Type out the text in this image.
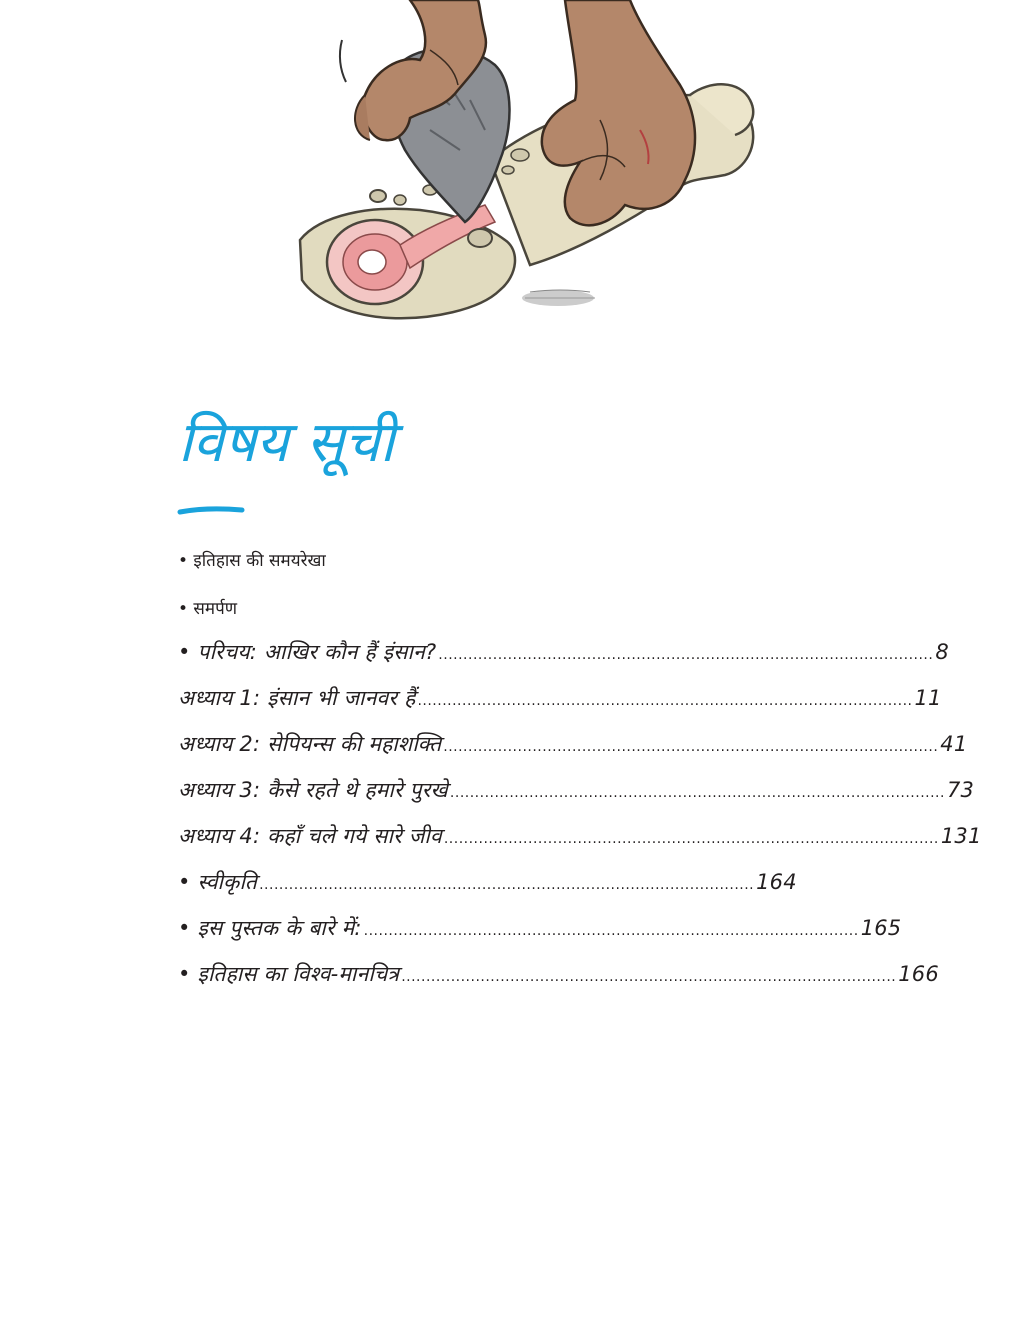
विषय सूची
• इतिहास की समयरेखा
• समर्पण
• परिचय: आखिर कौन हैं इंसान? .................................................................................................... 8
अध्याय 1: इंसान भी जानवर हैं .................................................................................................... 11
अध्याय 2: सेपियन्स की महाशक्ति .................................................................................................... 41
अध्याय 3: कैसे रहते थे हमारे पुरखे .................................................................................................... 73
अध्याय 4: कहाँ चले गये सारे जीव .................................................................................................... 131
• स्वीकृति .................................................................................................... 164
• इस पुस्तक के बारे में: .................................................................................................... 165
• इतिहास का विश्व-मानचित्र .................................................................................................... 166
